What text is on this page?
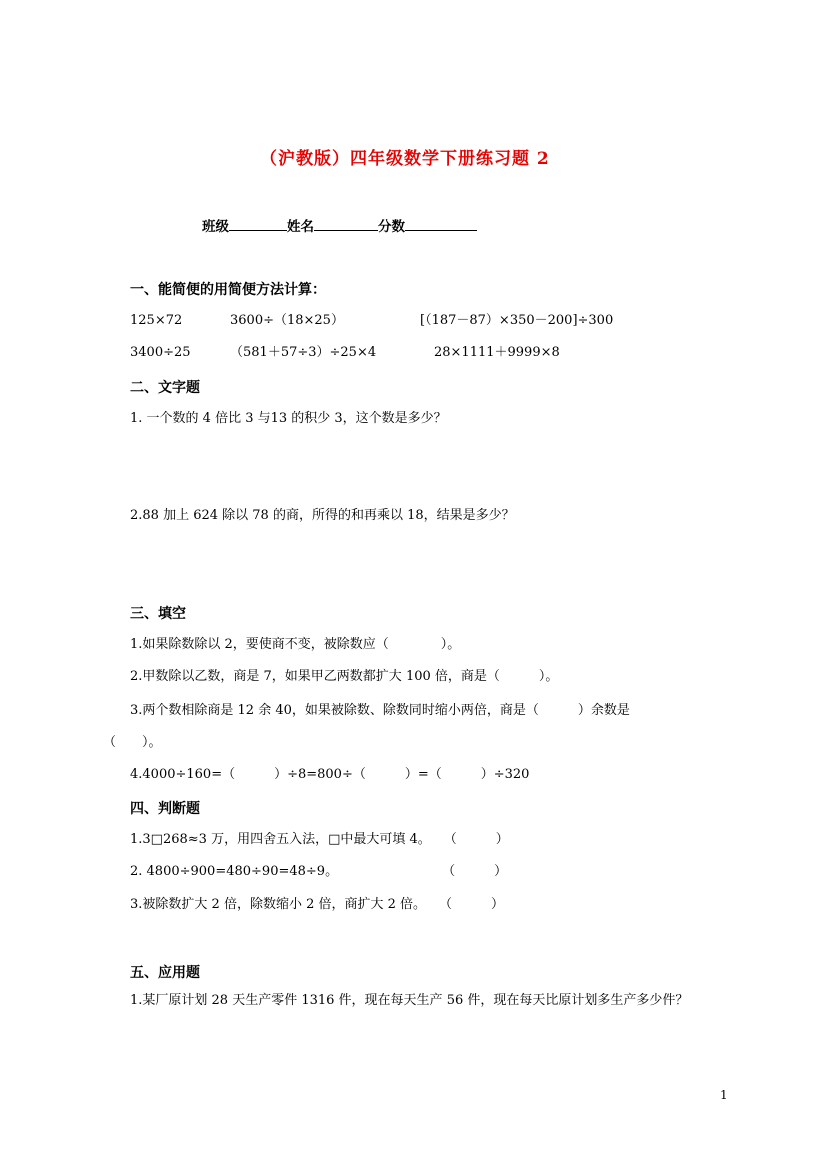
（沪教版）四年级数学下册练习题 2
班级	姓名	分数
一、能简便的用简便方法计算：
125×72	3600÷（18×25）	[（187－87）×350－200]÷300
3400÷25	（581＋57÷3）÷25×4	28×1111＋9999×8
二、文字题
1. 一个数的 4 倍比 3 与13 的积少 3，这个数是多少？
2.88 加上 624 除以 78 的商，所得的和再乘以 18，结果是多少？
三、填空
1.如果除数除以 2，要使商不变，被除数应（　　　　）。
2.甲数除以乙数，商是 7，如果甲乙两数都扩大 100 倍，商是（　　　）。
3.两个数相除商是 12 余 40，如果被除数、除数同时缩小两倍，商是（　　　）余数是
（　　）。
4.4000÷160=（　　　）÷8=800÷（　　　）=（　　　）÷320
四、判断题
1.3□268≈3 万，用四舍五入法，□中最大可填 4。　　（　　　）
2. 4800÷900=480÷90=48÷9。　　　　　　　　　（　　　）
3.被除数扩大 2 倍，除数缩小 2 倍，商扩大 2 倍。　　（　　　）
五、应用题
1.某厂原计划 28 天生产零件 1316 件，现在每天生产 56 件，现在每天比原计划多生产多少件？
1
